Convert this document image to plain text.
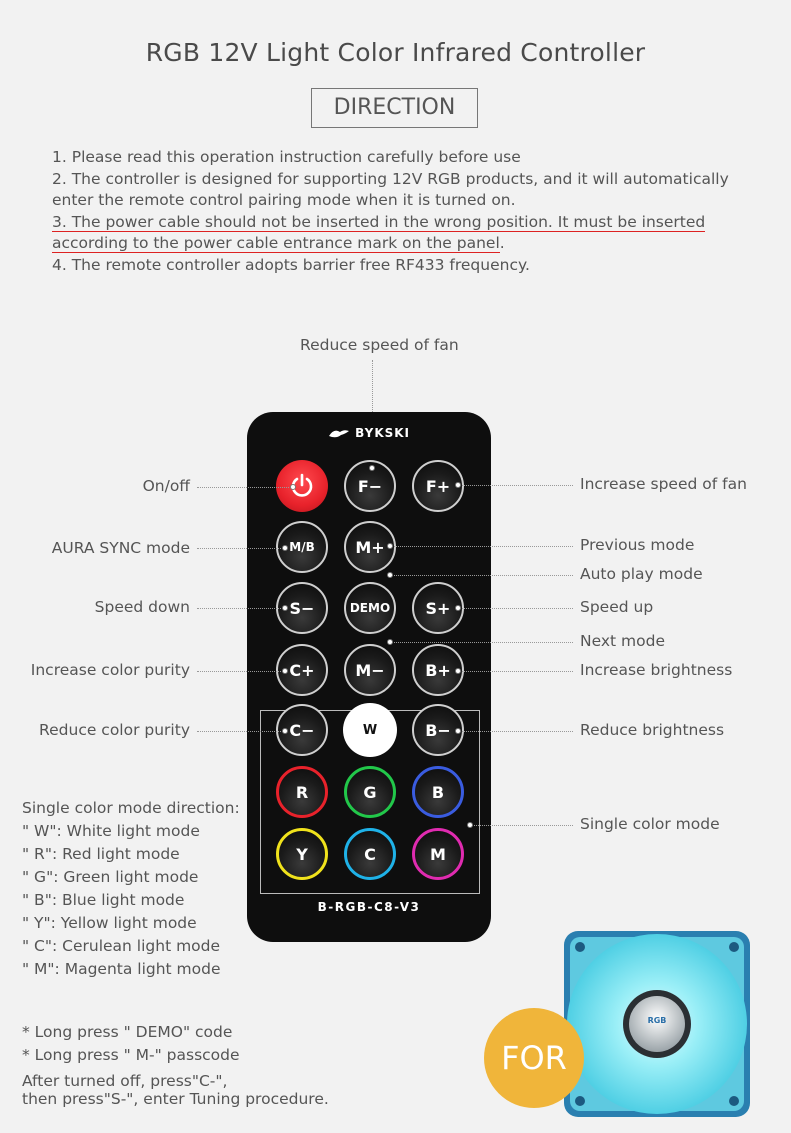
RGB 12V Light Color Infrared Controller
DIRECTION

1. Please read this operation instruction carefully before use

2. The controller is designed for supporting 12V RGB products, and it will automatically

enter the remote control pairing mode when it is turned on.

3. The power cable should not be inserted in the wrong position. It must be inserted

according to the power cable entrance mark on the panel.

4. The remote controller adopts barrier free RF433 frequency.

Reduce speed of fan
BYKSKI
B-RGB-C8-V3
F−	F+
M/B	M+
S−	DEMO	S+
C+	M−	B+
C−	W	B−
R	G	B
Y	C	M
On/off
AURA SYNC mode
Speed down
Increase color purity
Reduce color purity
Increase speed of fan
Previous mode
Auto play mode
Speed up
Next mode
Increase brightness
Reduce brightness
Single color mode
Single color mode direction:
" W": White light mode
" R": Red light mode
" G": Green light mode
" B": Blue light mode
" Y": Yellow light mode
" C": Cerulean light mode
" M": Magenta light mode
* Long press " DEMO" code
* Long press " M-" passcode
After turned off, press"C-",
then press"S-", enter Tuning procedure.
RGB
FOR
